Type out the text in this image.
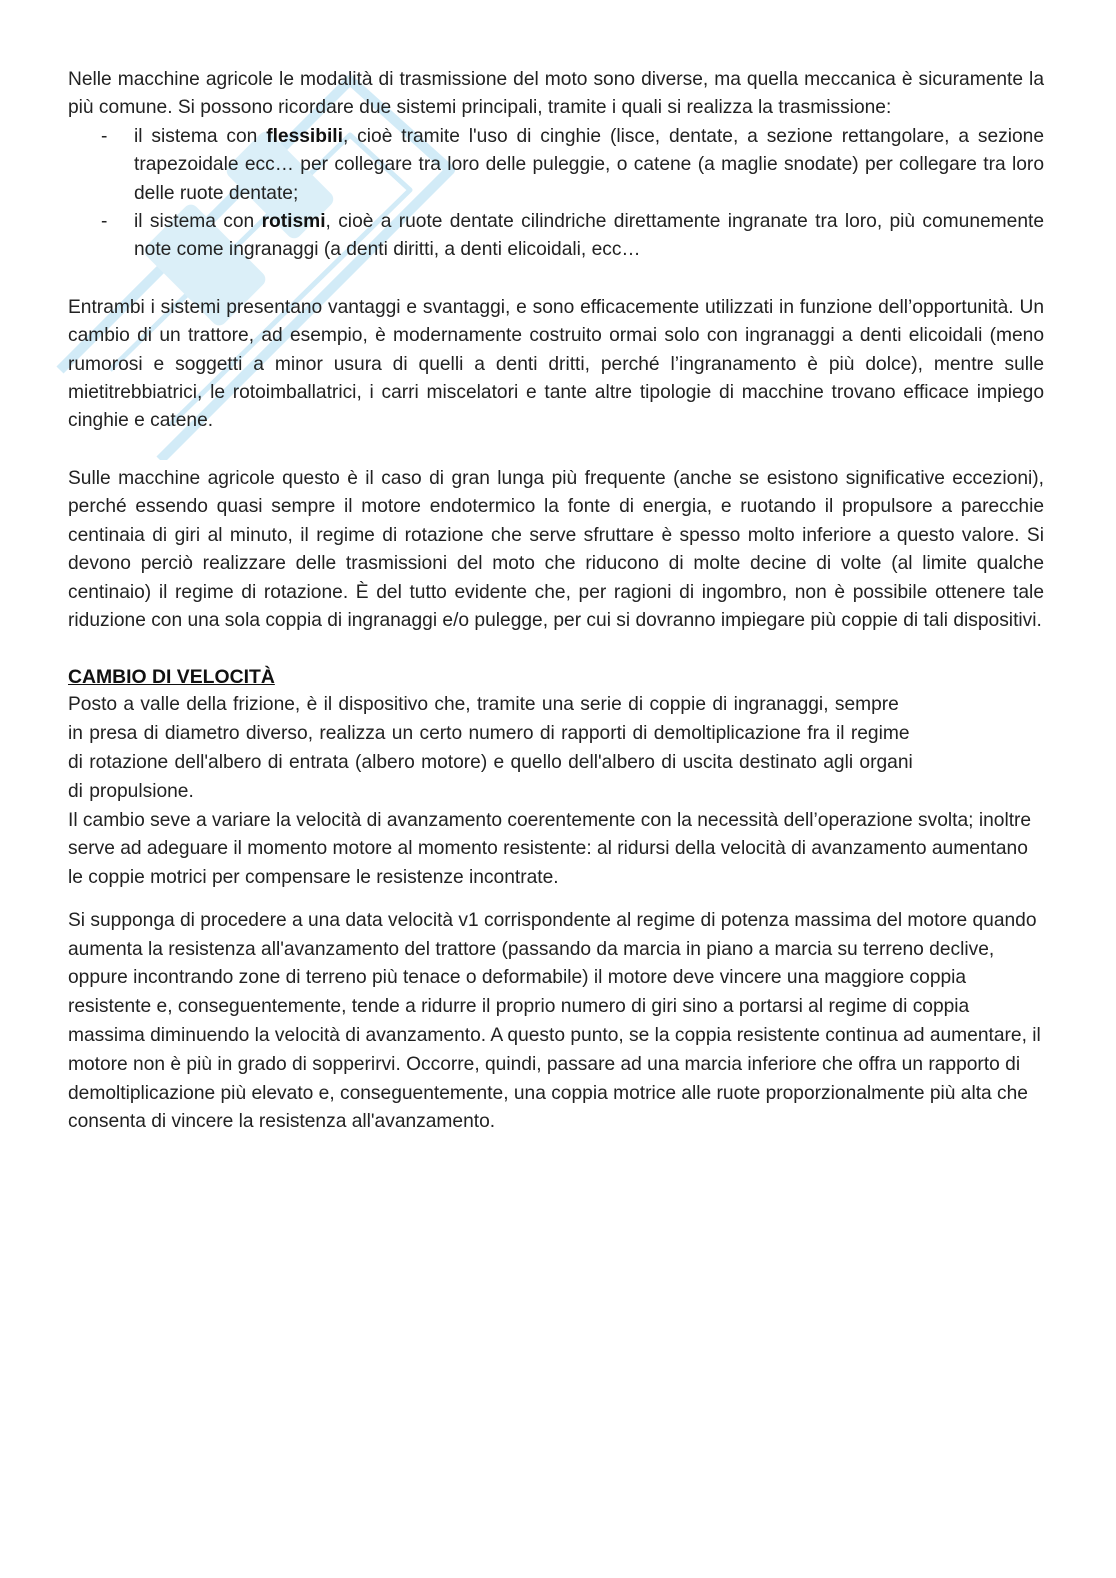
Nelle macchine agricole le modalità di trasmissione del moto sono diverse, ma quella meccanica è sicuramente la più comune. Si possono ricordare due sistemi principali, tramite i quali si realizza la trasmissione:

- il sistema con flessibili, cioè tramite l'uso di cinghie (lisce, dentate, a sezione rettangolare, a sezione trapezoidale ecc… per collegare tra loro delle puleggie, o catene (a maglie snodate) per collegare tra loro delle ruote dentate;
- il sistema con rotismi, cioè a ruote dentate cilindriche direttamente ingranate tra loro, più comunemente note come ingranaggi (a denti diritti, a denti elicoidali, ecc…

Entrambi i sistemi presentano vantaggi e svantaggi, e sono efficacemente utilizzati in funzione dell’opportunità. Un cambio di un trattore, ad esempio, è modernamente costruito ormai solo con ingranaggi a denti elicoidali (meno rumorosi e soggetti a minor usura di quelli a denti dritti, perché l’ingranamento è più dolce), mentre sulle mietitrebbiatrici, le rotoimballatrici, i carri miscelatori e tante altre tipologie di macchine trovano efficace impiego cinghie e catene.

Sulle macchine agricole questo è il caso di gran lunga più frequente (anche se esistono significative eccezioni), perché essendo quasi sempre il motore endotermico la fonte di energia, e ruotando il propulsore a parecchie centinaia di giri al minuto, il regime di rotazione che serve sfruttare è spesso molto inferiore a questo valore. Si devono perciò realizzare delle trasmissioni del moto che riducono di molte decine di volte (al limite qualche centinaio) il regime di rotazione. È del tutto evidente che, per ragioni di ingombro, non è possibile ottenere tale riduzione con una sola coppia di ingranaggi e/o pulegge, per cui si dovranno impiegare più coppie di tali dispositivi.

CAMBIO DI VELOCITÀ

Posto a valle della frizione, è il dispositivo che, tramite una serie di coppie di ingranaggi, sempre in presa di diametro diverso, realizza un certo numero di rapporti di demoltiplicazione fra il regime di rotazione dell'albero di entrata (albero motore) e quello dell'albero di uscita destinato agli organi di propulsione.

Il cambio seve a variare la velocità di avanzamento coerentemente con la necessità dell’operazione svolta; inoltre serve ad adeguare il momento motore al momento resistente: al ridursi della velocità di avanzamento aumentano le coppie motrici per compensare le resistenze incontrate.

Si supponga di procedere a una data velocità v1 corrispondente al regime di potenza massima del motore quando aumenta la resistenza all'avanzamento del trattore (passando da marcia in piano a marcia su terreno declive, oppure incontrando zone di terreno più tenace o deformabile) il motore deve vincere una maggiore coppia resistente e, conseguentemente, tende a ridurre il proprio numero di giri sino a portarsi al regime di coppia massima diminuendo la velocità di avanzamento. A questo punto, se la coppia resistente continua ad aumentare, il motore non è più in grado di sopperirvi. Occorre, quindi, passare ad una marcia inferiore che offra un rapporto di demoltiplicazione più elevato e, conseguentemente, una coppia motrice alle ruote proporzionalmente più alta che consenta di vincere la resistenza all'avanzamento.
